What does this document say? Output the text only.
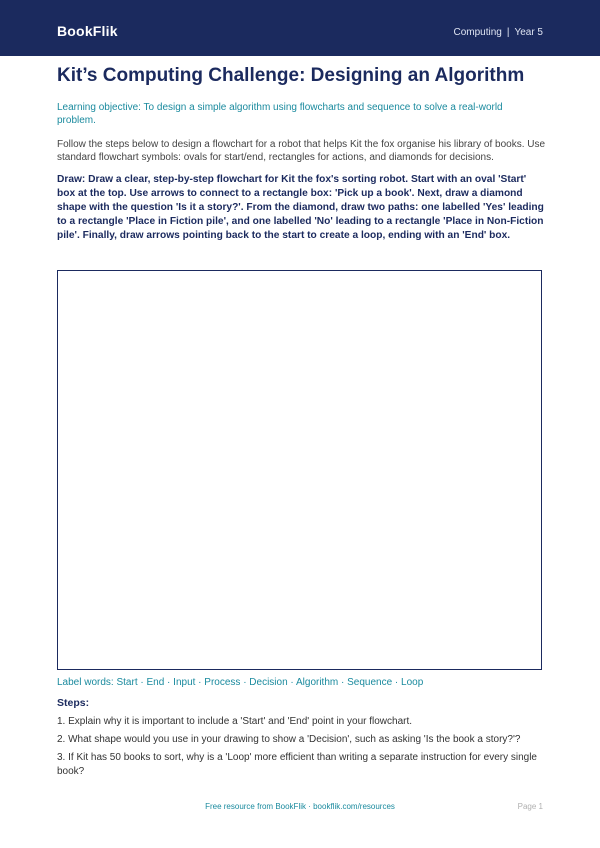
BookFlik	Computing | Year 5
Kit’s Computing Challenge: Designing an Algorithm

Learning objective: To design a simple algorithm using flowcharts and sequence to solve a real-world problem.

Follow the steps below to design a flowchart for a robot that helps Kit the fox organise his library of books. Use standard flowchart symbols: ovals for start/end, rectangles for actions, and diamonds for decisions.

Draw: Draw a clear, step-by-step flowchart for Kit the fox's sorting robot. Start with an oval 'Start' box at the top. Use arrows to connect to a rectangle box: 'Pick up a book'. Next, draw a diamond shape with the question 'Is it a story?'. From the diamond, draw two paths: one labelled 'Yes' leading to a rectangle 'Place in Fiction pile', and one labelled 'No' leading to a rectangle 'Place in Non-Fiction pile'. Finally, draw arrows pointing back to the start to create a loop, ending with an 'End' box.

Label words: Start · End · Input · Process · Decision · Algorithm · Sequence · Loop

Steps:
1. Explain why it is important to include a 'Start' and 'End' point in your flowchart.
2. What shape would you use in your drawing to show a 'Decision', such as asking 'Is the book a story?'?
3. If Kit has 50 books to sort, why is a 'Loop' more efficient than writing a separate instruction for every single book?
Free resource from BookFlik · bookflik.com/resources	Page 1
